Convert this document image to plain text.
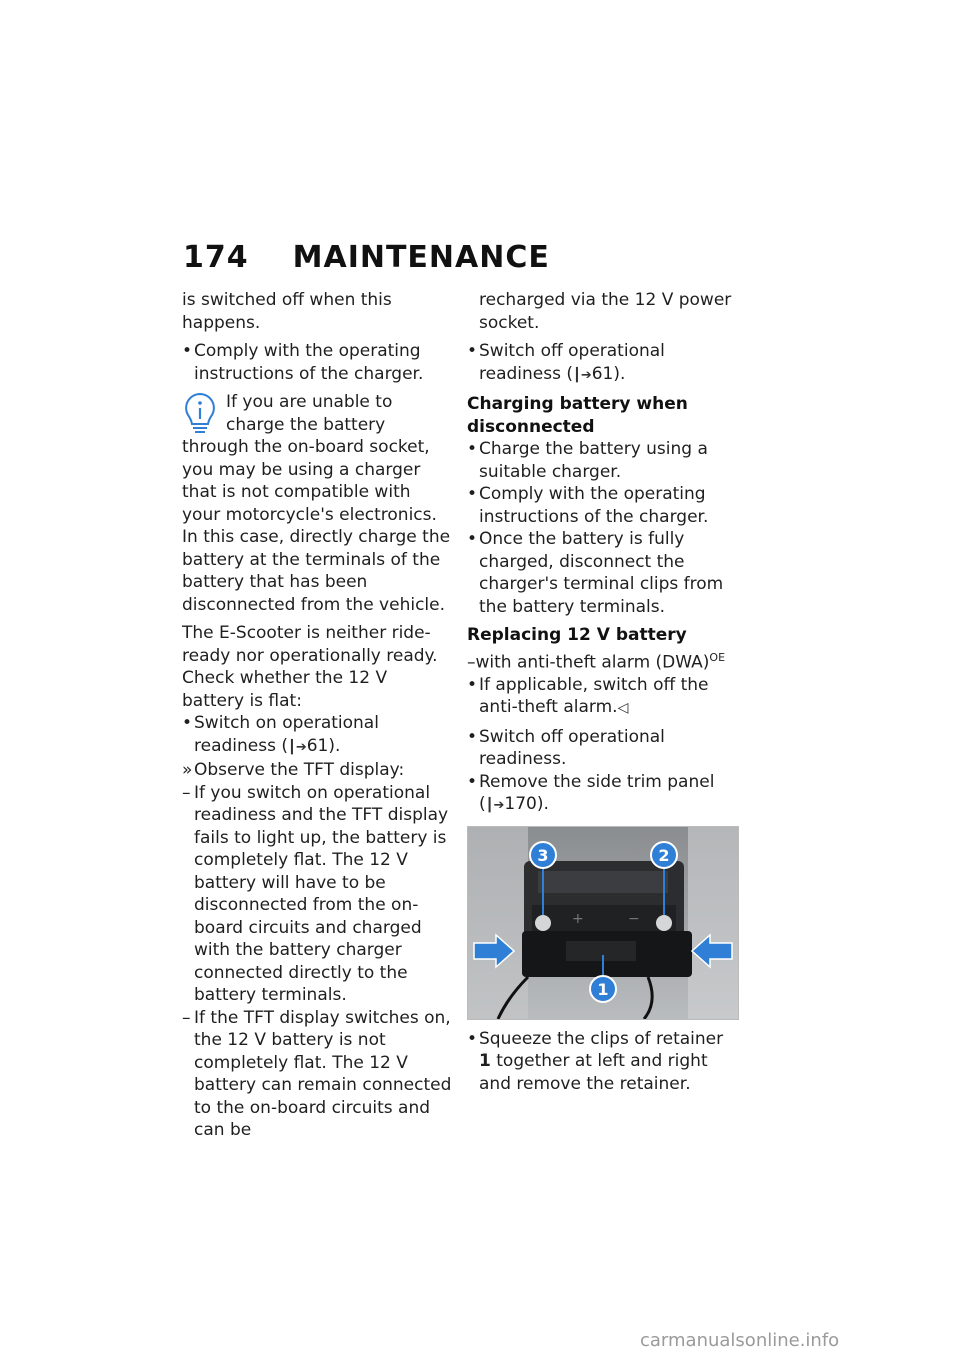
174 MAINTENANCE

is switched off when this happens.

• Comply with the operating instructions of the charger.
If you are unable to charge the battery
through the on-board socket, you may be using a charger that is not compatible with your motorcycle's electronics. In this case, directly charge the battery at the terminals of the battery that has been disconnected from the vehicle.

The E-Scooter is neither ride-ready nor operationally ready. Check whether the 12 V battery is flat:

• Switch on operational readiness (┃➔61).
» Observe the TFT display:
– If you switch on operational readiness and the TFT display fails to light up, the battery is completely flat. The 12 V battery will have to be disconnected from the on-board circuits and charged with the battery charger connected directly to the battery terminals.
– If the TFT display switches on, the 12 V battery is not completely flat. The 12 V battery can remain connected to the on-board circuits and can be
recharged via the 12 V power socket.
• Switch off operational readiness (┃➔61).
Charging battery when disconnected
• Charge the battery using a suitable charger.
• Comply with the operating instructions of the charger.
• Once the battery is fully charged, disconnect the charger's terminal clips from the battery terminals.
Replacing 12 V battery
–with anti-theft alarm (DWA)$^{OE}$
• If applicable, switch off the anti-theft alarm.◁
• Switch off operational readiness.
• Remove the side trim panel (┃➔170).
+	−
3	2
1
• Squeeze the clips of retainer 1 together at left and right and remove the retainer.
carmanualsonline.info
